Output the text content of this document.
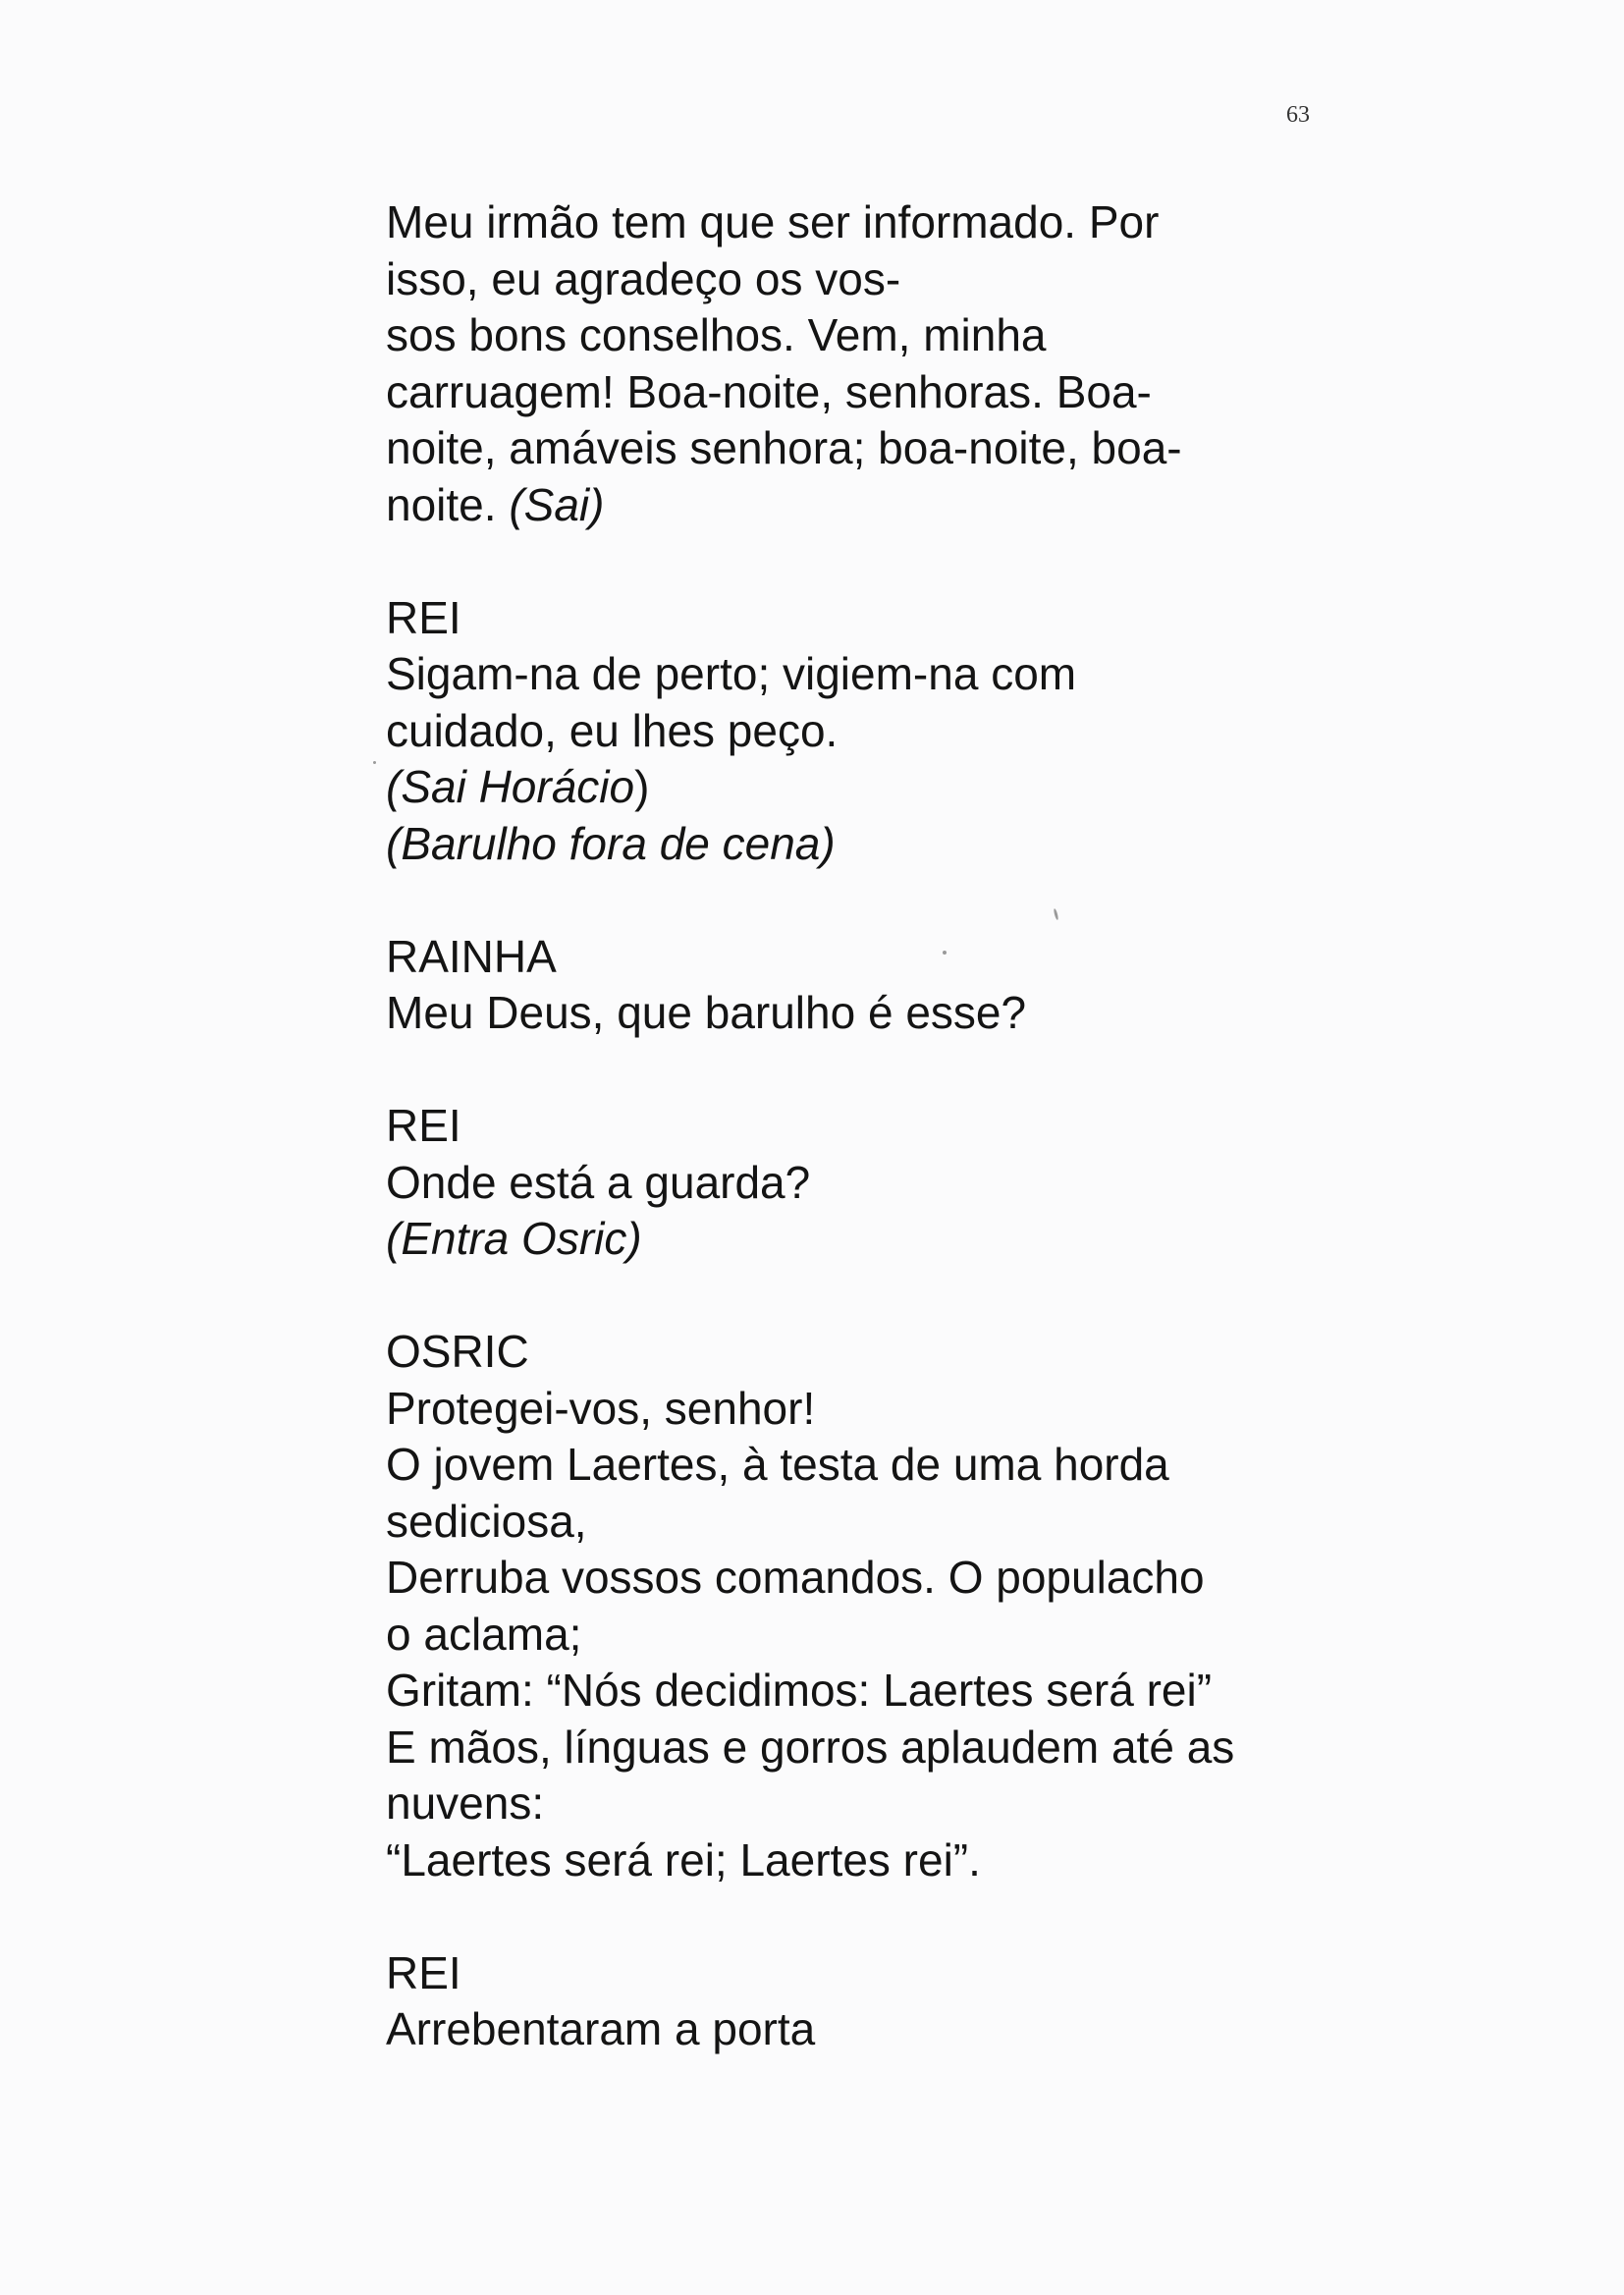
63
Meu irmão tem que ser informado. Por
isso, eu agradeço os vos-
sos bons conselhos. Vem, minha
carruagem! Boa-noite, senhoras. Boa-
noite, amáveis senhora; boa-noite, boa-
noite. (Sai)
REI
Sigam-na de perto; vigiem-na com
cuidado, eu lhes peço.
(Sai Horácio)
(Barulho fora de cena)
RAINHA
Meu Deus, que barulho é esse?
REI
Onde está a guarda?
(Entra Osric)
OSRIC
Protegei-vos, senhor!
O jovem Laertes, à testa de uma horda
sediciosa,
Derruba vossos comandos. O populacho
o aclama;
Gritam: “Nós decidimos: Laertes será rei”
E mãos, línguas e gorros aplaudem até as
nuvens:
“Laertes será rei; Laertes rei”.
REI
Arrebentaram a porta
